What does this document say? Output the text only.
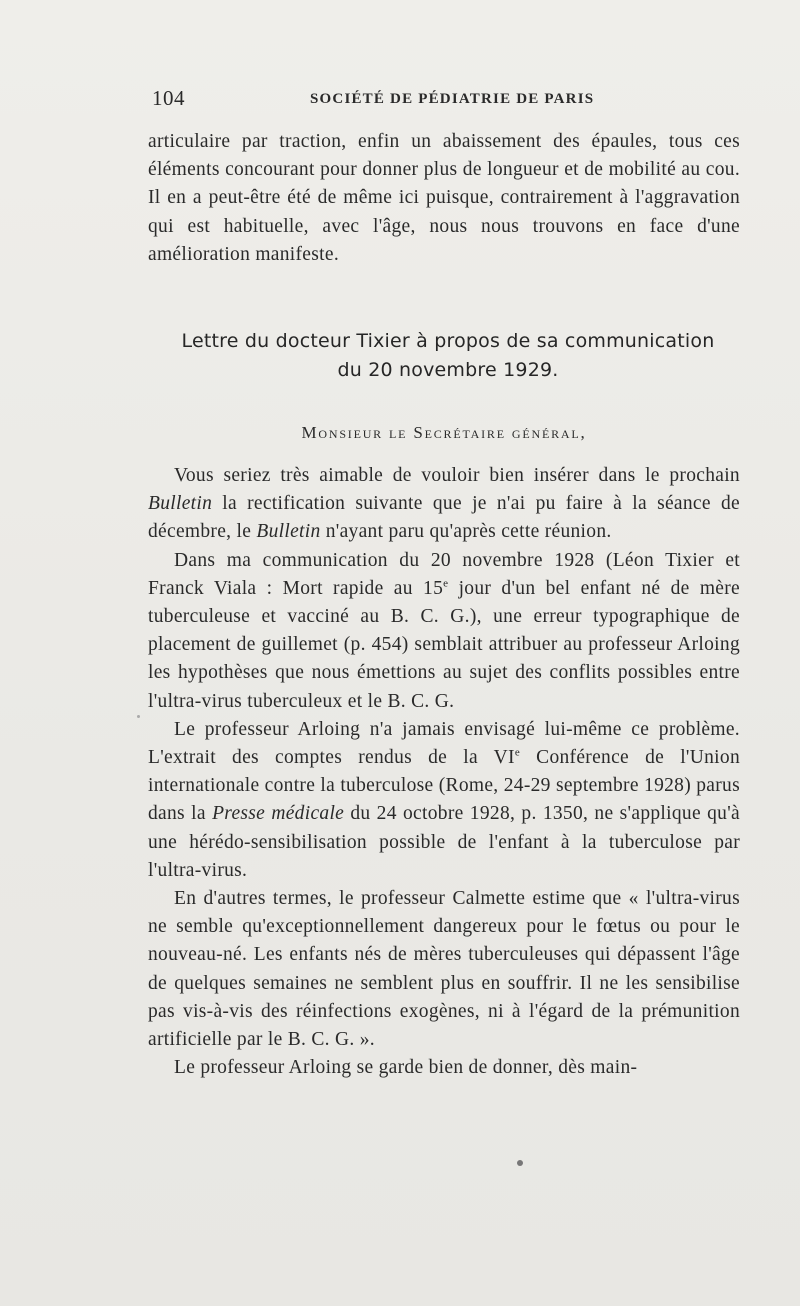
104	SOCIÉTÉ DE PÉDIATRIE DE PARIS
articulaire par traction, enfin un abaissement des épaules, tous ces éléments concourant pour donner plus de longueur et de mobilité au cou. Il en a peut-être été de même ici puisque, contrairement à l'aggravation qui est habituelle, avec l'âge, nous nous trouvons en face d'une amélioration manifeste.
Lettre du docteur Tixier à propos de sa communication
du 20 novembre 1929.
Monsieur le Secrétaire général,

Vous seriez très aimable de vouloir bien insérer dans le prochain Bulletin la rectification suivante que je n'ai pu faire à la séance de décembre, le Bulletin n'ayant paru qu'après cette réunion.

Dans ma communication du 20 novembre 1928 (Léon Tixier et Franck Viala : Mort rapide au 15e jour d'un bel enfant né de mère tuberculeuse et vacciné au B. C. G.), une erreur typographique de placement de guillemet (p. 454) semblait attribuer au professeur Arloing les hypothèses que nous émettions au sujet des conflits possibles entre l'ultra-virus tuberculeux et le B. C. G.

Le professeur Arloing n'a jamais envisagé lui-même ce problème. L'extrait des comptes rendus de la VIe Conférence de l'Union internationale contre la tuberculose (Rome, 24-29 septembre 1928) parus dans la Presse médicale du 24 octobre 1928, p. 1350, ne s'applique qu'à une hérédo-sensibilisation possible de l'enfant à la tuberculose par l'ultra-virus.

En d'autres termes, le professeur Calmette estime que « l'ultra-virus ne semble qu'exceptionnellement dangereux pour le fœtus ou pour le nouveau-né. Les enfants nés de mères tuberculeuses qui dépassent l'âge de quelques semaines ne semblent plus en souffrir. Il ne les sensibilise pas vis-à-vis des réinfections exogènes, ni à l'égard de la prémunition artificielle par le B. C. G. ».

Le professeur Arloing se garde bien de donner, dès main-
